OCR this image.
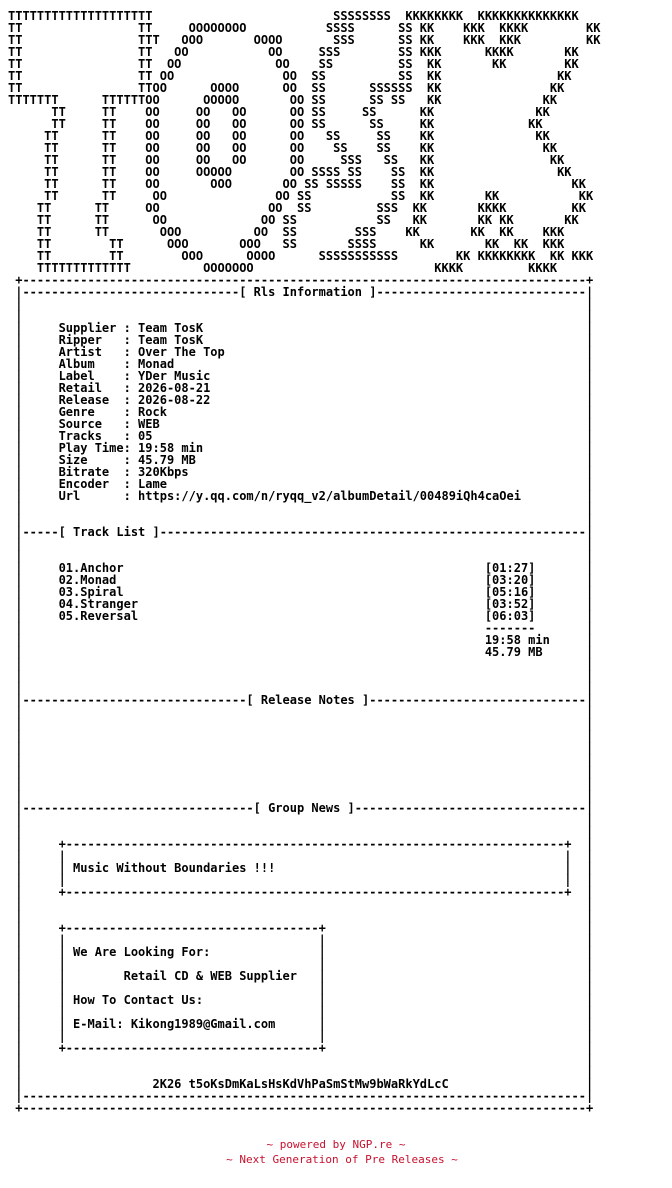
TTTTTTTTTTTTTTTTTTTT                         SSSSSSSS  KKKKKKKK  KKKKKKKKKKKKKK
TT                TT     OOOOOOOO           SSSS      SS KK    KKK  KKKK        KK
TT                TTT   OOO       OOOO       SSS      SS KK    KKK  KKK         KK
TT                TT   OO           OO     SSS        SS KKK      KKKK       KK
TT                TT  OO             OO    SS         SS  KK       KK        KK
TT                TT OO               OO  SS          SS  KK                KK
TT                TTOO      OOOO      OO  SS      SSSSSS  KK               KK
TTTTTTT      TTTTTTOO      OOOOO       OO SS      SS SS   KK              KK
TT     TT    OO     OO   OO      OO SS     SS      KK              KK
TT     TT    OO     OO   OO      OO SS      SS     KK             KK
TT      TT    OO     OO   OO      OO   SS     SS    KK              KK
TT      TT    OO     OO   OO      OO    SS    SS    KK               KK
TT      TT    OO     OO   OO      OO     SSS   SS   KK                KK
TT      TT    OO     OOOOO        OO SSSS SS    SS  KK                 KK
TT      TT    OO       OOO       OO SS SSSSS    SS  KK                   KK
TT      TT     OO               OO SS           SS  KK       KK           KK
TT      TT     OO               OO  SS         SSS  KK       KKKK         KK
TT      TT      OO             OO SS           SS   KK       KK KK       KK
TT      TT       OOO          OO  SS        SSS    KK       KK  KK    KKK
TT        TT      OOO       OOO   SS       SSSS      KK       KK  KK  KKK
TT        TT        OOO      OOOO      SSSSSSSSSSS        KK KKKKKKKK  KK KKK
TTTTTTTTTTTTT          OOOOOOO                         KKKK         KKKK
+------------------------------------------------------------------------------+
|------------------------------[ Rls Information ]-----------------------------|
|                                                                              |
|                                                                              |
|     Supplier : Team TosK                                                     |
|     Ripper   : Team TosK                                                     |
|     Artist   : Over The Top                                                  |
|     Album    : Monad                                                         |
|     Label    : YDer Music                                                    |
|     Retail   : 2026-08-21                                                    |
|     Release  : 2026-08-22                                                    |
|     Genre    : Rock                                                          |
|     Source   : WEB                                                           |
|     Tracks   : 05                                                            |
|     Play Time: 19:58 min                                                     |
|     Size     : 45.79 MB                                                      |
|     Bitrate  : 320Kbps                                                       |
|     Encoder  : Lame                                                          |
|     Url      : https://y.qq.com/n/ryqq_v2/albumDetail/00489iQh4caOei         |
|                                                                              |
|                                                                              |
|-----[ Track List ]-----------------------------------------------------------|
|                                                                              |
|                                                                              |
|     01.Anchor                                                  [01:27]       |
|     02.Monad                                                   [03:20]       |
|     03.Spiral                                                  [05:16]       |
|     04.Stranger                                                [03:52]       |
|     05.Reversal                                                [06:03]       |
|                                                                -------       |
|                                                                19:58 min     |
|                                                                45.79 MB      |
|                                                                              |
|                                                                              |
|                                                                              |
|-------------------------------[ Release Notes ]------------------------------|
|                                                                              |
|                                                                              |
|                                                                              |
|                                                                              |
|                                                                              |
|                                                                              |
|                                                                              |
|                                                                              |
|--------------------------------[ Group News ]--------------------------------|
|                                                                              |
|                                                                              |
|     +---------------------------------------------------------------------+  |
|     |                                                                     |  |
|     | Music Without Boundaries !!!                                        |  |
|     |                                                                     |  |
|     +---------------------------------------------------------------------+  |
|                                                                              |
|                                                                              |
|     +-----------------------------------+                                    |
|     |                                   |                                    |
|     | We Are Looking For:               |                                    |
|     |                                   |                                    |
|     |        Retail CD & WEB Supplier   |                                    |
|     |                                   |                                    |
|     | How To Contact Us:                |                                    |
|     |                                   |                                    |
|     | E-Mail: Kikong1989@Gmail.com      |                                    |
|     |                                   |                                    |
|     +-----------------------------------+                                    |
|                                                                              |
|                                                                              |
|                  2K26 t5oKsDmKaLsHsKdVhPaSmStMw9bWaRkYdLcC                   |
|------------------------------------------------------------------------------|
+------------------------------------------------------------------------------+
~ powered by NGP.re ~
~ Next Generation of Pre Releases ~
